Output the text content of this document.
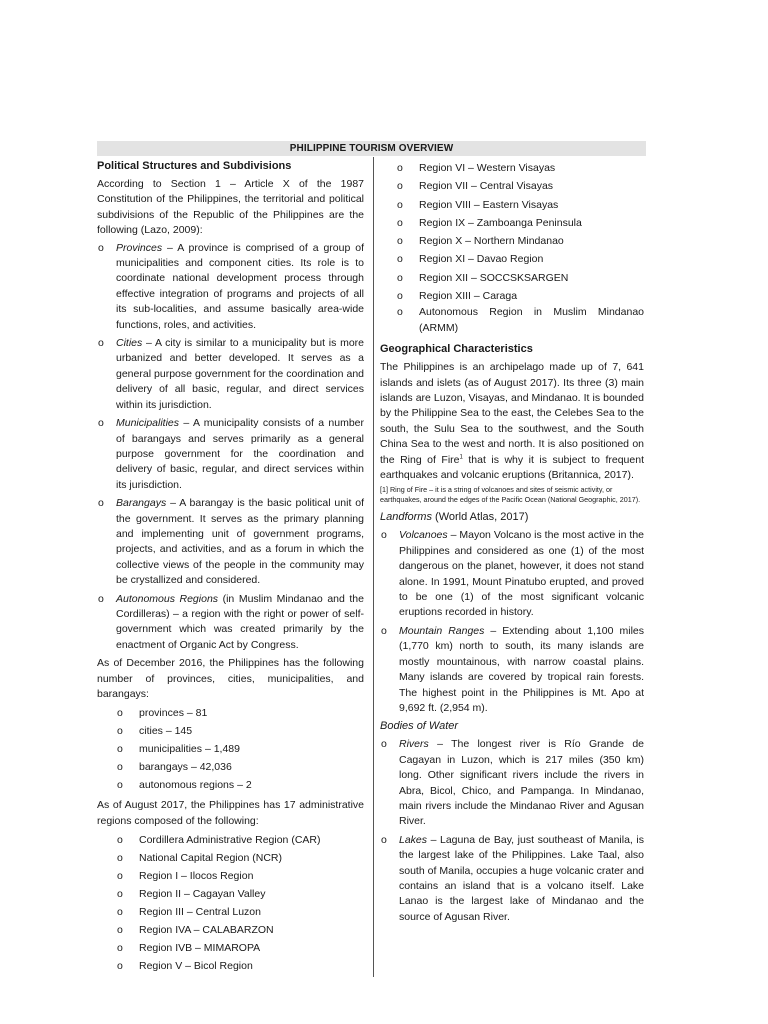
PHILIPPINE TOURISM OVERVIEW
Political Structures and Subdivisions
According to Section 1 – Article X of the 1987 Constitution of the Philippines, the territorial and political subdivisions of the Republic of the Philippines are the following (Lazo, 2009):
o Provinces – A province is comprised of a group of municipalities and component cities. Its role is to coordinate national development process through effective integration of programs and projects of all its sub-localities, and assume basically area-wide functions, roles, and activities.
o Cities – A city is similar to a municipality but is more urbanized and better developed. It serves as a general purpose government for the coordination and delivery of all basic, regular, and direct services within its jurisdiction.
o Municipalities – A municipality consists of a number of barangays and serves primarily as a general purpose government for the coordination and delivery of basic, regular, and direct services within its jurisdiction.
o Barangays – A barangay is the basic political unit of the government. It serves as the primary planning and implementing unit of government programs, projects, and activities, and as a forum in which the collective views of the people in the community may be crystallized and considered.
o Autonomous Regions (in Muslim Mindanao and the Cordilleras) – a region with the right or power of self-government which was created primarily by the enactment of Organic Act by Congress.
As of December 2016, the Philippines has the following number of provinces, cities, municipalities, and barangays:
o provinces – 81
o cities – 145
o municipalities – 1,489
o barangays – 42,036
o autonomous regions – 2
As of August 2017, the Philippines has 17 administrative regions composed of the following:
o Cordillera Administrative Region (CAR)
o National Capital Region (NCR)
o Region I – Ilocos Region
o Region II – Cagayan Valley
o Region III – Central Luzon
o Region IVA – CALABARZON
o Region IVB – MIMAROPA
o Region V – Bicol Region
o Region VI – Western Visayas
o Region VII – Central Visayas
o Region VIII – Eastern Visayas
o Region IX – Zamboanga Peninsula
o Region X – Northern Mindanao
o Region XI – Davao Region
o Region XII – SOCCSKSARGEN
o Region XIII – Caraga
o Autonomous Region in Muslim Mindanao (ARMM)
Geographical Characteristics
The Philippines is an archipelago made up of 7, 641 islands and islets (as of August 2017). Its three (3) main islands are Luzon, Visayas, and Mindanao. It is bounded by the Philippine Sea to the east, the Celebes Sea to the south, the Sulu Sea to the southwest, and the South China Sea to the west and north. It is also positioned on the Ring of Fire$^1$ that is why it is subject to frequent earthquakes and volcanic eruptions (Britannica, 2017).
[1] Ring of Fire – it is a string of volcanoes and sites of seismic activity, or earthquakes, around the edges of the Pacific Ocean (National Geographic, 2017).
Landforms (World Atlas, 2017)
o Volcanoes – Mayon Volcano is the most active in the Philippines and considered as one (1) of the most dangerous on the planet, however, it does not stand alone. In 1991, Mount Pinatubo erupted, and proved to be one (1) of the most significant volcanic eruptions recorded in history.
o Mountain Ranges – Extending about 1,100 miles (1,770 km) north to south, its many islands are mostly mountainous, with narrow coastal plains. Many islands are covered by tropical rain forests. The highest point in the Philippines is Mt. Apo at 9,692 ft. (2,954 m).
Bodies of Water
o Rivers – The longest river is Río Grande de Cagayan in Luzon, which is 217 miles (350 km) long. Other significant rivers include the rivers in Abra, Bicol, Chico, and Pampanga. In Mindanao, main rivers include the Mindanao River and Agusan River.
o Lakes – Laguna de Bay, just southeast of Manila, is the largest lake of the Philippines. Lake Taal, also south of Manila, occupies a huge volcanic crater and contains an island that is a volcano itself. Lake Lanao is the largest lake of Mindanao and the source of Agusan River.
